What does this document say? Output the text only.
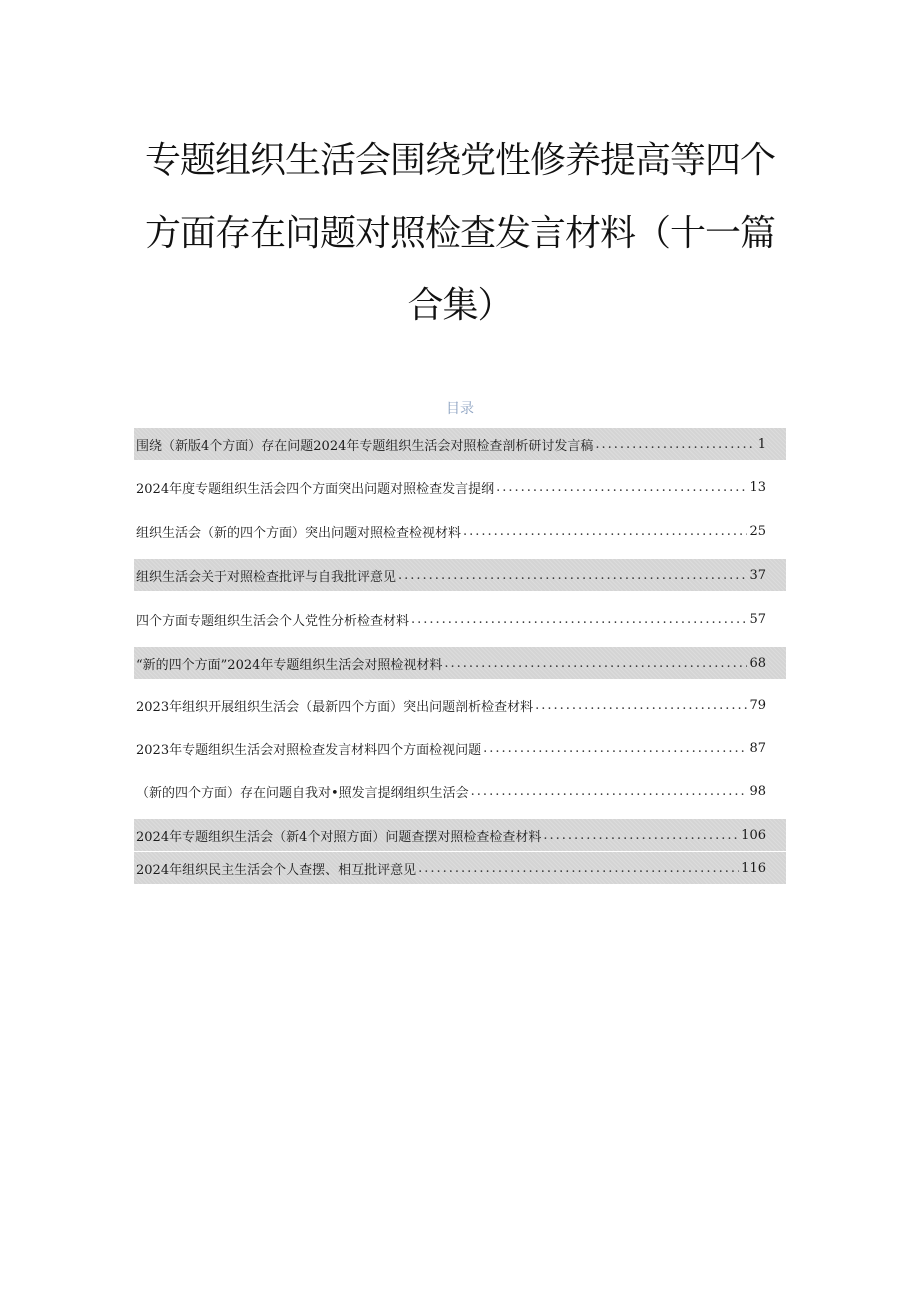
专题组织生活会围绕党性修养提高等四个
方面存在问题对照检查发言材料（十一篇
合集）
目录
围绕（新版4个方面）存在问题2024年专题组织生活会对照检查剖析研讨发言稿 .....	1
2024年度专题组织生活会四个方面突出问题对照检查发言提纲 .....	13
组织生活会（新的四个方面）突出问题对照检查检视材料 .....	25
组织生活会关于对照检查批评与自我批评意见 .....	37
四个方面专题组织生活会个人党性分析检查材料 .....	57
“新的四个方面”2024年专题组织生活会对照检视材料 .....	68
2023年组织开展组织生活会（最新四个方面）突出问题剖析检查材料 .....	79
2023年专题组织生活会对照检查发言材料四个方面检视问题 .....	87
（新的四个方面）存在问题自我对•照发言提纲组织生活会 .....	98
2024年专题组织生活会（新4个对照方面）问题查摆对照检查检查材料 .....	106
2024年组织民主生活会个人查摆、相互批评意见 .....	116
